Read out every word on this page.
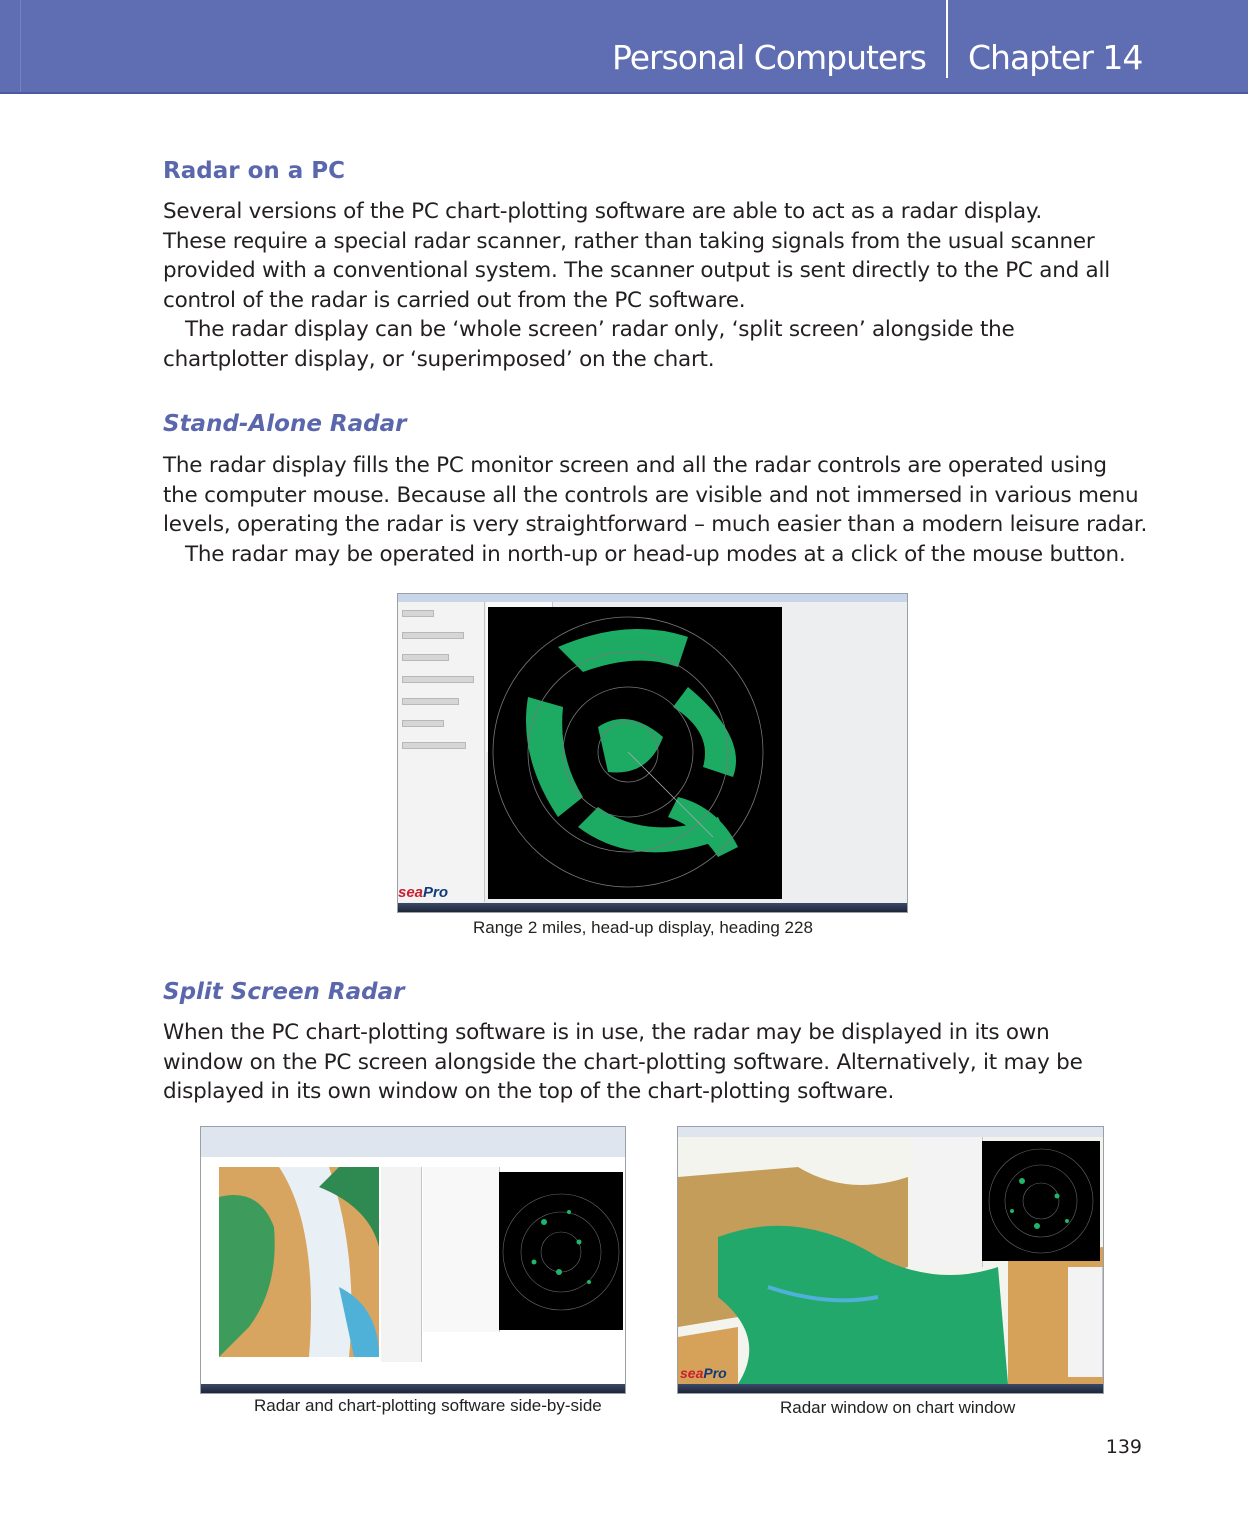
Personal Computers Chapter 14
Radar on a PC
Several versions of the PC chart-plotting software are able to act as a radar display.
These require a special radar scanner, rather than taking signals from the usual scanner
provided with a conventional system. The scanner output is sent directly to the PC and all
control of the radar is carried out from the PC software.
The radar display can be ‘whole screen’ radar only, ‘split screen’ alongside the
chartplotter display, or ‘superimposed’ on the chart.
Stand-Alone Radar
The radar display fills the PC monitor screen and all the radar controls are operated using
the computer mouse. Because all the controls are visible and not immersed in various menu
levels, operating the radar is very straightforward – much easier than a modern leisure radar.
The radar may be operated in north-up or head-up modes at a click of the mouse button.
seaPro
Range 2 miles, head-up display, heading 228
Split Screen Radar
When the PC chart-plotting software is in use, the radar may be displayed in its own
window on the PC screen alongside the chart-plotting software. Alternatively, it may be
displayed in its own window on the top of the chart-plotting software.
Radar and chart-plotting software side-by-side
seaPro
Radar window on chart window
139
